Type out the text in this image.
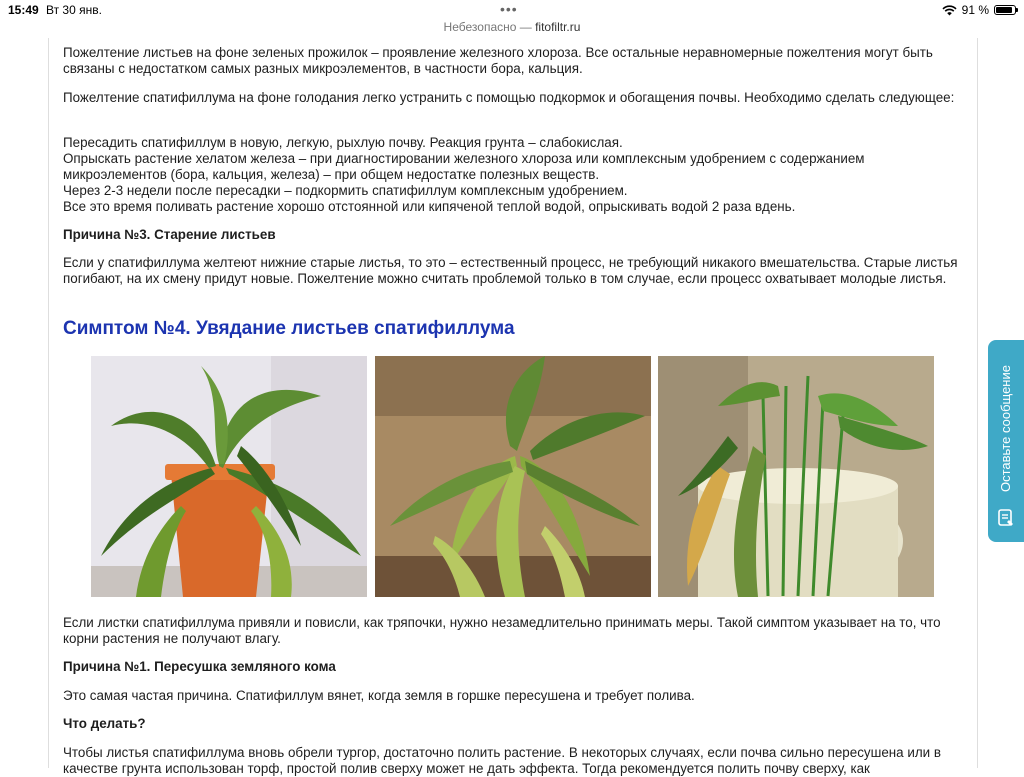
15:49 Вт 30 янв.	91 %
•••
Небезопасно — fitofiltr.ru

Пожелтение листьев на фоне зеленых прожилок – проявление железного хлороза. Все остальные неравномерные пожелтения могут быть связаны с недостатком самых разных микроэлементов, в частности бора, кальция.

Пожелтение спатифиллума на фоне голодания легко устранить с помощью подкормок и обогащения почвы. Необходимо сделать следующее:

Пересадить спатифиллум в новую, легкую, рыхлую почву. Реакция грунта – слабокислая.
Опрыскать растение хелатом железа – при диагностировании железного хлороза или комплексным удобрением с содержанием микроэлементов (бора, кальция, железа) – при общем недостатке полезных веществ.
Через 2-3 недели после пересадки – подкормить спатифиллум комплексным удобрением.
Все это время поливать растение хорошо отстоянной или кипяченой теплой водой, опрыскивать водой 2 раза вдень.
Причина №3. Старение листьев

Если у спатифиллума желтеют нижние старые листья, то это – естественный процесс, не требующий никакого вмешательства. Старые листья погибают, на их смену придут новые. Пожелтение можно считать проблемой только в том случае, если процесс охватывает молодые листья.

Симптом №4. Увядание листьев спатифиллума

Если листки спатифиллума привяли и повисли, как тряпочки, нужно незамедлительно принимать меры. Такой симптом указывает на то, что корни растения не получают влагу.

Причина №1. Пересушка земляного кома

Это самая частая причина. Спатифиллум вянет, когда земля в горшке пересушена и требует полива.

Что делать?

Чтобы листья спатифиллума вновь обрели тургор, достаточно полить растение. В некоторых случаях, если почва сильно пересушена или в качестве грунта использован торф, простой полив сверху может не дать эффекта. Тогда рекомендуется полить почву сверху, как

Оставьте сообщение
